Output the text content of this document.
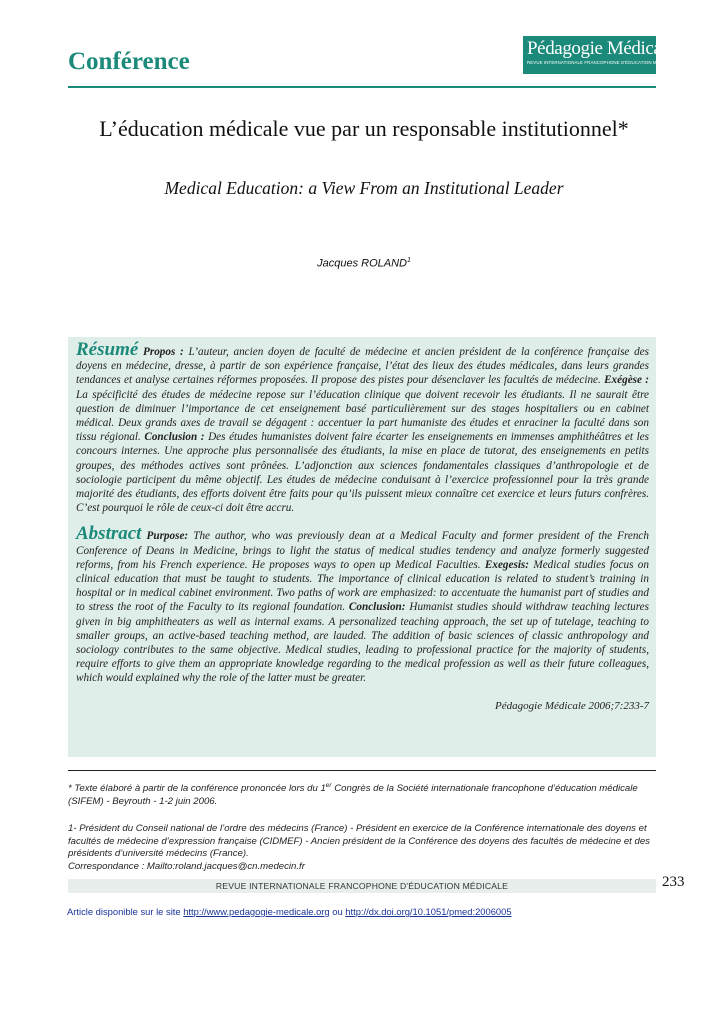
Conférence	Pédagogie Médicale
REVUE INTERNATIONALE FRANCOPHONE D'ÉDUCATION MÉDICALE
L’éducation médicale vue par un responsable institutionnel*
Medical Education: a View From an Institutional Leader
Jacques ROLAND$^1$

Résumé Propos : L’auteur, ancien doyen de faculté de médecine et ancien président de la conférence française des doyens en médecine, dresse, à partir de son expérience française, l’état des lieux des études médicales, dans leurs grandes tendances et analyse certaines réformes proposées. Il propose des pistes pour désenclaver les facultés de médecine. Exégèse : La spécificité des études de médecine repose sur l’éducation clinique que doivent recevoir les étudiants. Il ne saurait être question de diminuer l’importance de cet enseignement basé particulièrement sur des stages hospitaliers ou en cabinet médical. Deux grands axes de travail se dégagent : accentuer la part humaniste des études et enraciner la faculté dans son tissu régional. Conclusion : Des études humanistes doivent faire écarter les enseignements en immenses amphithéâtres et les concours internes. Une approche plus personnalisée des étudiants, la mise en place de tutorat, des enseignements en petits groupes, des méthodes actives sont prônées. L’adjonction aux sciences fondamentales classiques d’anthropologie et de sociologie participent du même objectif. Les études de médecine conduisant à l’exercice professionnel pour la très grande majorité des étudiants, des efforts doivent être faits pour qu’ils puissent mieux connaître cet exercice et leurs futurs confrères. C’est pourquoi le rôle de ceux-ci doit être accru.

Abstract Purpose: The author, who was previously dean at a Medical Faculty and former president of the French Conference of Deans in Medicine, brings to light the status of medical studies tendency and analyze formerly suggested reforms, from his French experience. He proposes ways to open up Medical Faculties. Exegesis: Medical studies focus on clinical education that must be taught to students. The importance of clinical education is related to student’s training in hospital or in medical cabinet environment. Two paths of work are emphasized: to accentuate the humanist part of studies and to stress the root of the Faculty to its regional foundation. Conclusion: Humanist studies should withdraw teaching lectures given in big amphitheaters as well as internal exams. A personalized teaching approach, the set up of tutelage, teaching to smaller groups, an active-based teaching method, are lauded. The addition of basic sciences of classic anthropology and sociology contributes to the same objective. Medical studies, leading to professional practice for the majority of students, require efforts to give them an appropriate knowledge regarding to the medical profession as well as their future colleagues, which would explained why the role of the latter must be greater.

Pédagogie Médicale 2006;7:233-7

* Texte élaboré à partir de la conférence prononcée lors du 1er Congrès de la Société internationale francophone d’éducation médicale (SIFEM) - Beyrouth - 1-2 juin 2006.

1- Président du Conseil national de l’ordre des médecins (France) - Président en exercice de la Conférence internationale des doyens et facultés de médecine d’expression française (CIDMEF) - Ancien président de la Conférence des doyens des facultés de médecine et des présidents d’université médecins (France).

Correspondance : Mailto:roland.jacques@cn.medecin.fr

REVUE INTERNATIONALE FRANCOPHONE D'ÉDUCATION MÉDICALE	233
Article disponible sur le site http://www.pedagogie-medicale.org ou http://dx.doi.org/10.1051/pmed:2006005
